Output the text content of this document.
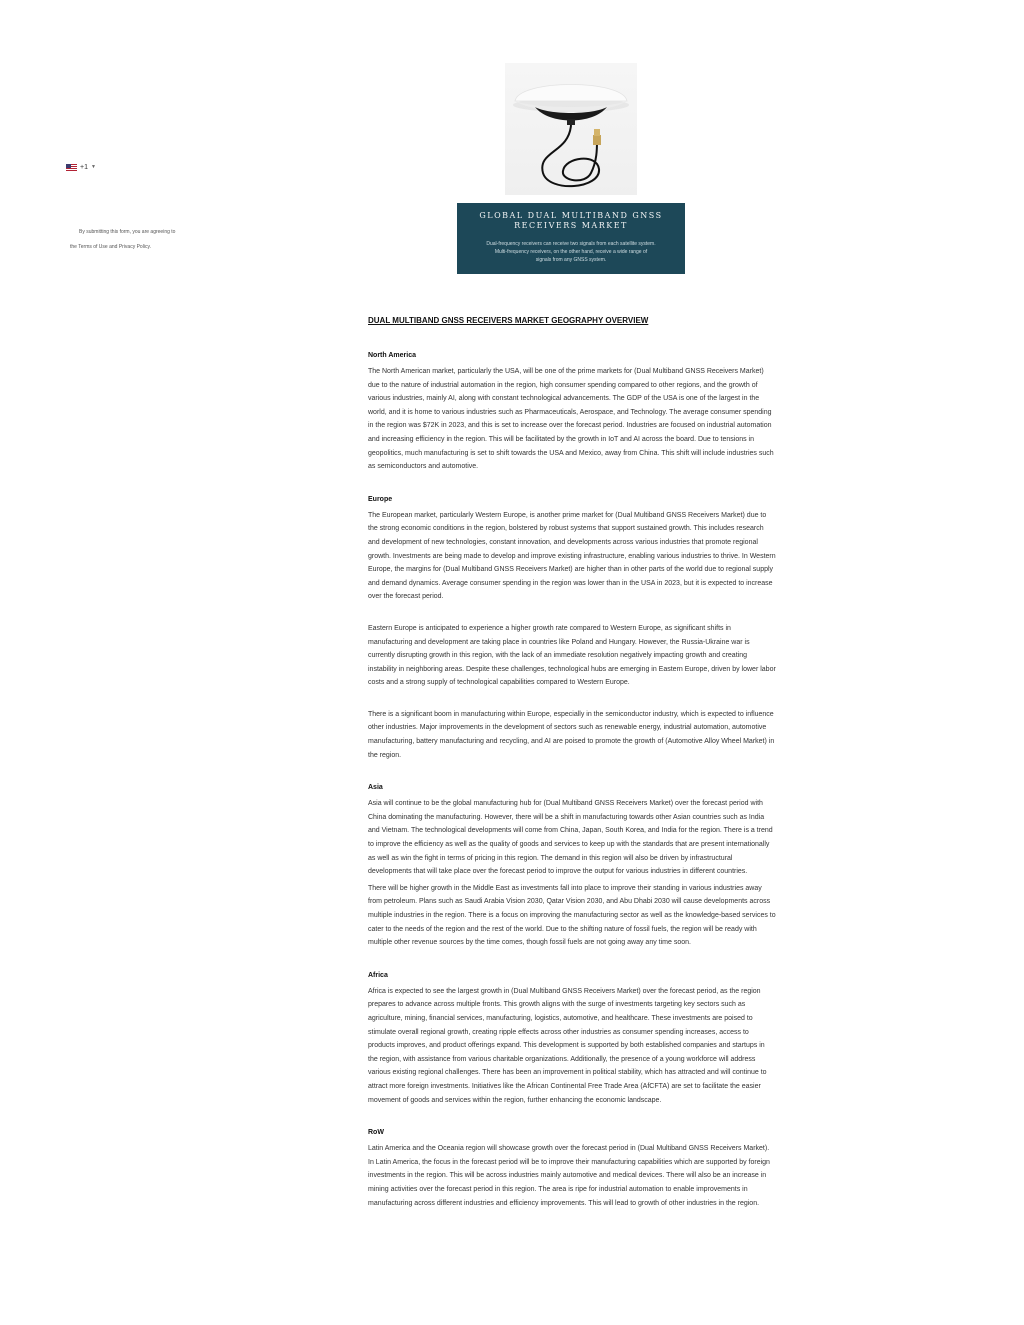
+1 ▼
By submitting this form, you are agreeing to
the Terms of Use and Privacy Policy.
GLOBAL DUAL MULTIBAND GNSS
RECEIVERS MARKET
Dual-frequency receivers can receive two signals from each satellite system.
Multi-frequency receivers, on the other hand, receive a wide range of
signals from any GNSS system.
DUAL MULTIBAND GNSS RECEIVERS MARKET GEOGRAPHY OVERVIEW
North America

The North American market, particularly the USA, will be one of the prime markets for (Dual Multiband GNSS Receivers Market) due to the nature of industrial automation in the region, high consumer spending compared to other regions, and the growth of various industries, mainly AI, along with constant technological advancements. The GDP of the USA is one of the largest in the world, and it is home to various industries such as Pharmaceuticals, Aerospace, and Technology. The average consumer spending in the region was $72K in 2023, and this is set to increase over the forecast period. Industries are focused on industrial automation and increasing efficiency in the region. This will be facilitated by the growth in IoT and AI across the board. Due to tensions in geopolitics, much manufacturing is set to shift towards the USA and Mexico, away from China. This shift will include industries such as semiconductors and automotive.

Europe

The European market, particularly Western Europe, is another prime market for (Dual Multiband GNSS Receivers Market) due to the strong economic conditions in the region, bolstered by robust systems that support sustained growth. This includes research and development of new technologies, constant innovation, and developments across various industries that promote regional growth. Investments are being made to develop and improve existing infrastructure, enabling various industries to thrive. In Western Europe, the margins for (Dual Multiband GNSS Receivers Market) are higher than in other parts of the world due to regional supply and demand dynamics. Average consumer spending in the region was lower than in the USA in 2023, but it is expected to increase over the forecast period.

Eastern Europe is anticipated to experience a higher growth rate compared to Western Europe, as significant shifts in manufacturing and development are taking place in countries like Poland and Hungary. However, the Russia-Ukraine war is currently disrupting growth in this region, with the lack of an immediate resolution negatively impacting growth and creating instability in neighboring areas. Despite these challenges, technological hubs are emerging in Eastern Europe, driven by lower labor costs and a strong supply of technological capabilities compared to Western Europe.

There is a significant boom in manufacturing within Europe, especially in the semiconductor industry, which is expected to influence other industries. Major improvements in the development of sectors such as renewable energy, industrial automation, automotive manufacturing, battery manufacturing and recycling, and AI are poised to promote the growth of (Automotive Alloy Wheel Market) in the region.

Asia

Asia will continue to be the global manufacturing hub for (Dual Multiband GNSS Receivers Market) over the forecast period with China dominating the manufacturing. However, there will be a shift in manufacturing towards other Asian countries such as India and Vietnam. The technological developments will come from China, Japan, South Korea, and India for the region. There is a trend to improve the efficiency as well as the quality of goods and services to keep up with the standards that are present internationally as well as win the fight in terms of pricing in this region. The demand in this region will also be driven by infrastructural developments that will take place over the forecast period to improve the output for various industries in different countries.

There will be higher growth in the Middle East as investments fall into place to improve their standing in various industries away from petroleum. Plans such as Saudi Arabia Vision 2030, Qatar Vision 2030, and Abu Dhabi 2030 will cause developments across multiple industries in the region. There is a focus on improving the manufacturing sector as well as the knowledge-based services to cater to the needs of the region and the rest of the world. Due to the shifting nature of fossil fuels, the region will be ready with multiple other revenue sources by the time comes, though fossil fuels are not going away any time soon.

Africa

Africa is expected to see the largest growth in (Dual Multiband GNSS Receivers Market) over the forecast period, as the region prepares to advance across multiple fronts. This growth aligns with the surge of investments targeting key sectors such as agriculture, mining, financial services, manufacturing, logistics, automotive, and healthcare. These investments are poised to stimulate overall regional growth, creating ripple effects across other industries as consumer spending increases, access to products improves, and product offerings expand. This development is supported by both established companies and startups in the region, with assistance from various charitable organizations. Additionally, the presence of a young workforce will address various existing regional challenges. There has been an improvement in political stability, which has attracted and will continue to attract more foreign investments. Initiatives like the African Continental Free Trade Area (AfCFTA) are set to facilitate the easier movement of goods and services within the region, further enhancing the economic landscape.

RoW

Latin America and the Oceania region will showcase growth over the forecast period in (Dual Multiband GNSS Receivers Market). In Latin America, the focus in the forecast period will be to improve their manufacturing capabilities which are supported by foreign investments in the region. This will be across industries mainly automotive and medical devices. There will also be an increase in mining activities over the forecast period in this region. The area is ripe for industrial automation to enable improvements in manufacturing across different industries and efficiency improvements. This will lead to growth of other industries in the region.
